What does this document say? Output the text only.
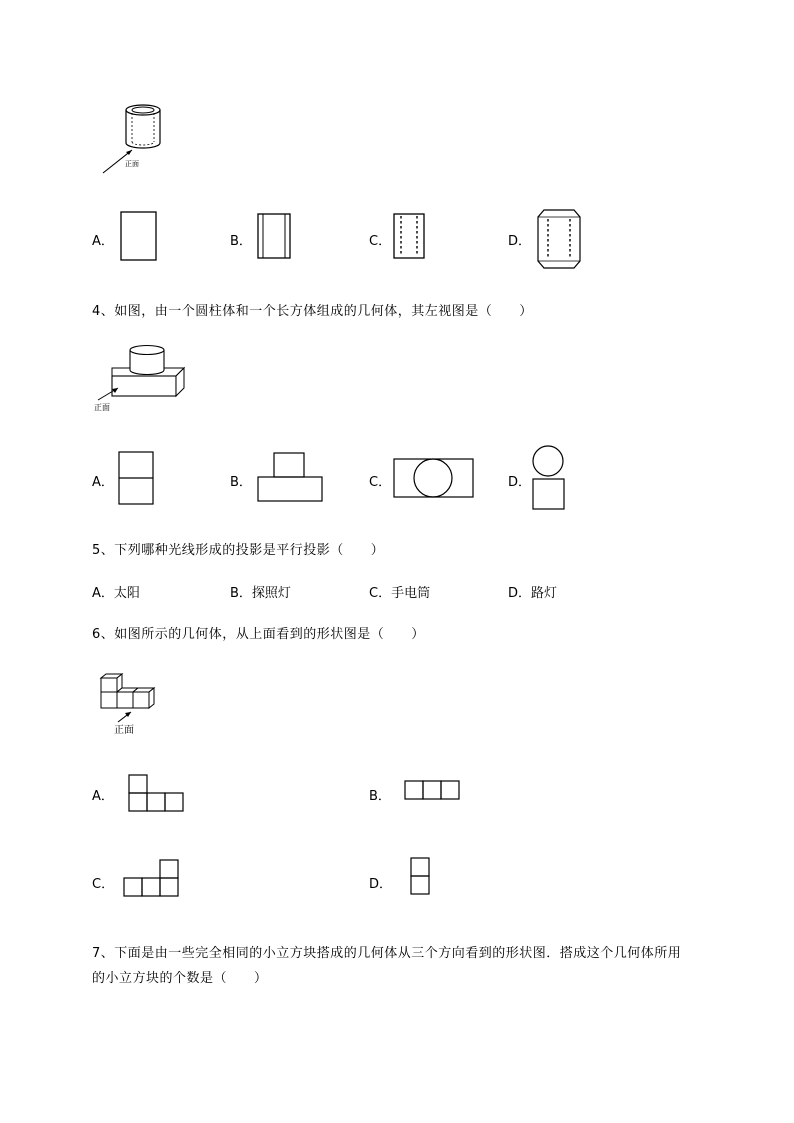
正面
A．	B．	C．	D．
4、如图，由一个圆柱体和一个长方体组成的几何体，其左视图是（　　）
正面
A．	B．	C．	D．
5、下列哪种光线形成的投影是平行投影（　　）
A．太阳	B．探照灯	C．手电筒	D．路灯
6、如图所示的几何体，从上面看到的形状图是（　　）
正面
A．	B．
C．	D．
7、下面是由一些完全相同的小立方块搭成的几何体从三个方向看到的形状图．搭成这个几何体所用
的小立方块的个数是（　　）
